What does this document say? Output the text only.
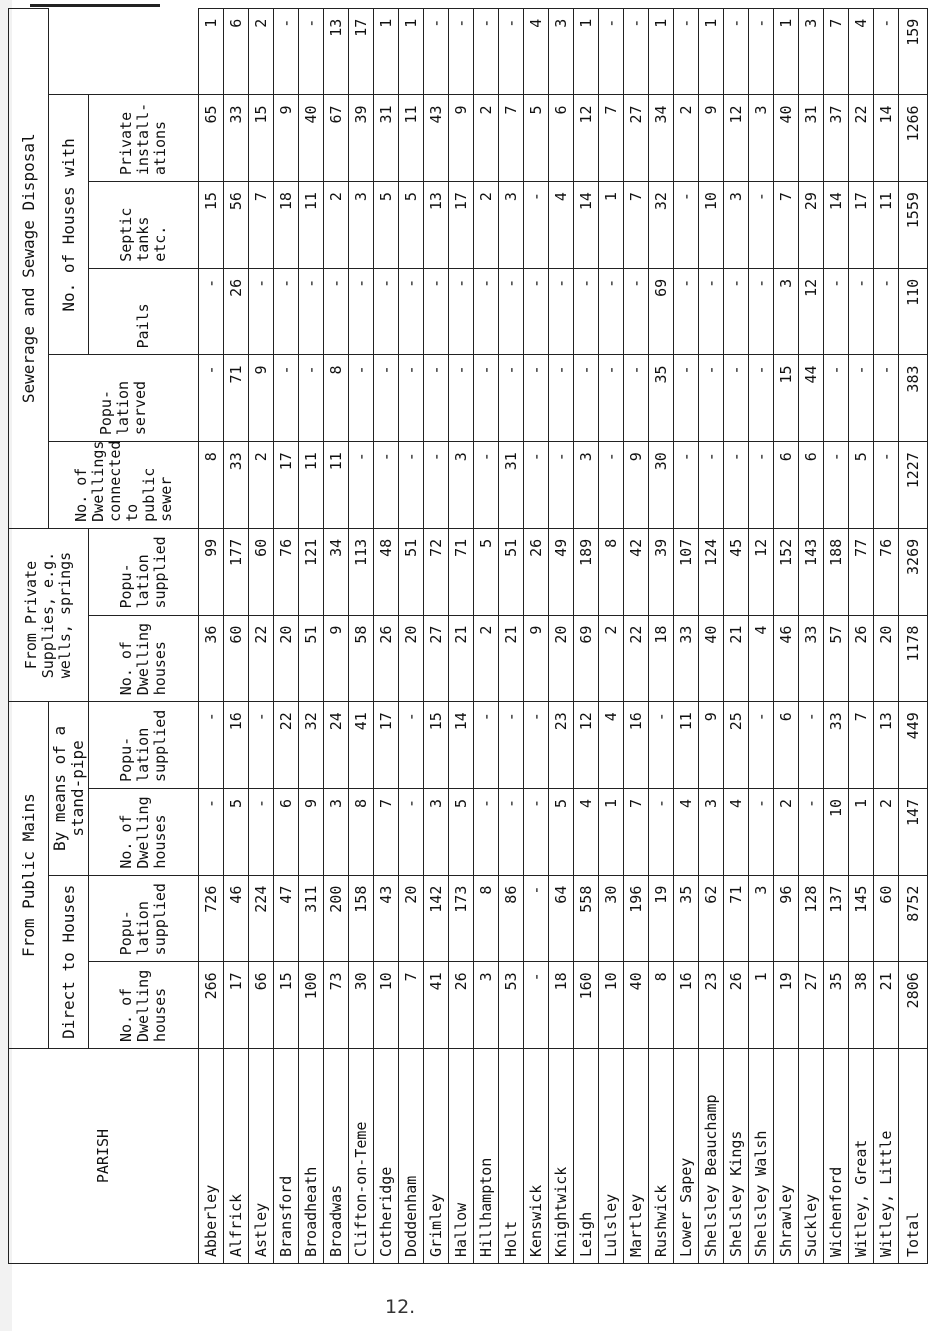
PARISH	From Public Mains				From Private Supplies, e.g. wells, springs		Sewerage and Sewage Disposal					
	Direct to Houses		By means of a stand-pipe				No. of Dwellings connected to public sewer	Popu- lation served	No. of Houses with			
	No. of Dwelling houses	Popu- lation supplied	No. of Dwelling houses	Popu- lation supplied	No. of Dwelling houses	Popu- lation supplied			Pails	Septic tanks etc.	Private install- ations	
Abberley	266	726	-	-	36	99	8	-	-	15	65	1
Alfrick	17	46	5	16	60	177	33	71	26	56	33	6
Astley	66	224	-	-	22	60	2	9	-	7	15	2
Bransford	15	47	6	22	20	76	17	-	-	18	9	-
Broadheath	100	311	9	32	51	121	11	-	-	11	40	-
Broadwas	73	200	3	24	9	34	11	8	-	2	67	13
Clifton-on-Teme	30	158	8	41	58	113	-	-	-	3	39	17
Cotheridge	10	43	7	17	26	48	-	-	-	5	31	1
Doddenham	7	20	-	-	20	51	-	-	-	5	11	1
Grimley	41	142	3	15	27	72	-	-	-	13	43	-
Hallow	26	173	5	14	21	71	3	-	-	17	9	-
Hillhampton	3	8	-	-	2	5	-	-	-	2	2	-
Holt	53	86	-	-	21	51	31	-	-	3	7	-
Kenswick	-	-	-	-	9	26	-	-	-	-	5	4
Knightwick	18	64	5	23	20	49	-	-	-	4	6	3
Leigh	160	558	4	12	69	189	3	-	-	14	12	1
Lulsley	10	30	1	4	2	8	-	-	-	1	7	-
Martley	40	196	7	16	22	42	9	-	-	7	27	-
Rushwick	8	19	-	-	18	39	30	35	69	32	34	1
Lower Sapey	16	35	4	11	33	107	-	-	-	-	2	-
Shelsley Beauchamp	23	62	3	9	40	124	-	-	-	10	9	1
Shelsley Kings	26	71	4	25	21	45	-	-	-	3	12	-
Shelsley Walsh	1	3	-	-	4	12	-	-	-	-	3	-
Shrawley	19	96	2	6	46	152	6	15	3	7	40	1
Suckley	27	128	-	-	33	143	6	44	12	29	31	3
Wichenford	35	137	10	33	57	188	-	-	-	14	37	7
Witley, Great	38	145	1	7	26	77	5	-	-	17	22	4
Witley, Little	21	60	2	13	20	76	-	-	-	11	14	-
Total	2806	8752	147	449	1178	3269	1227	383	110	1559	1266	159
12.
